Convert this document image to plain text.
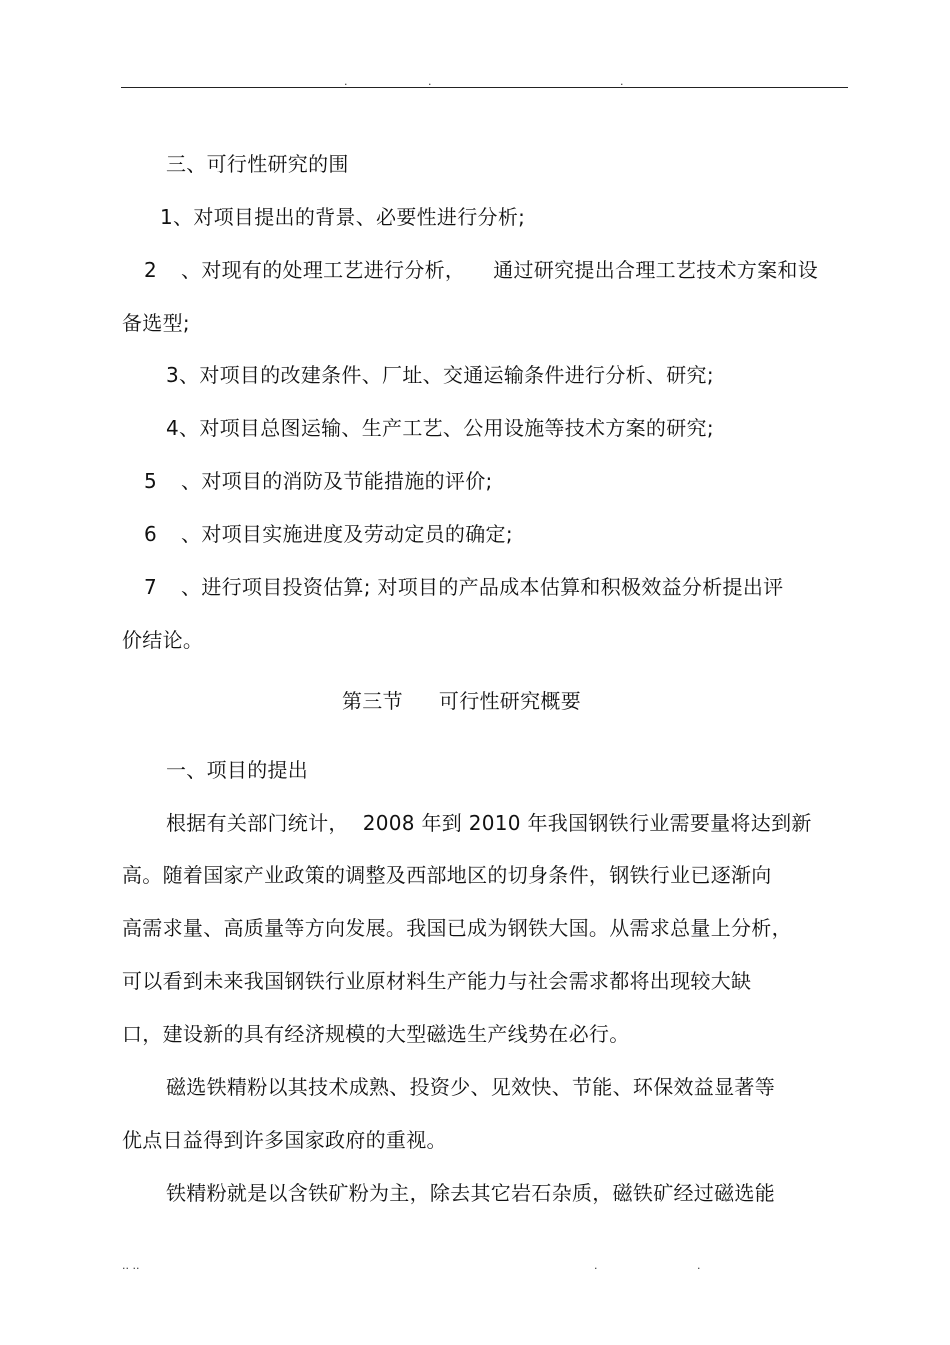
.	.	.
三、可行性研究的围
1、对项目提出的背景、必要性进行分析;
2 、对现有的处理工艺进行分析， 通过研究提出合理工艺技术方案和设
备选型;
3、对项目的改建条件、厂址、交通运输条件进行分析、研究;
4、对项目总图运输、生产工艺、公用设施等技术方案的研究;
5 、对项目的消防及节能措施的评价;
6 、对项目实施进度及劳动定员的确定;
7 、进行项目投资估算; 对项目的产品成本估算和积极效益分析提出评
价结论。
第三节 可行性研究概要
一、项目的提出
根据有关部门统计， 2008 年到 2010 年我国钢铁行业需要量将达到新
高。随着国家产业政策的调整及西部地区的切身条件，钢铁行业已逐渐向
高需求量、高质量等方向发展。我国已成为钢铁大国。从需求总量上分析，
可以看到未来我国钢铁行业原材料生产能力与社会需求都将出现较大缺
口，建设新的具有经济规模的大型磁选生产线势在必行。
磁选铁精粉以其技术成熟、投资少、见效快、节能、环保效益显著等
优点日益得到许多国家政府的重视。
铁精粉就是以含铁矿粉为主，除去其它岩石杂质，磁铁矿经过磁选能
.. ..	.	.
